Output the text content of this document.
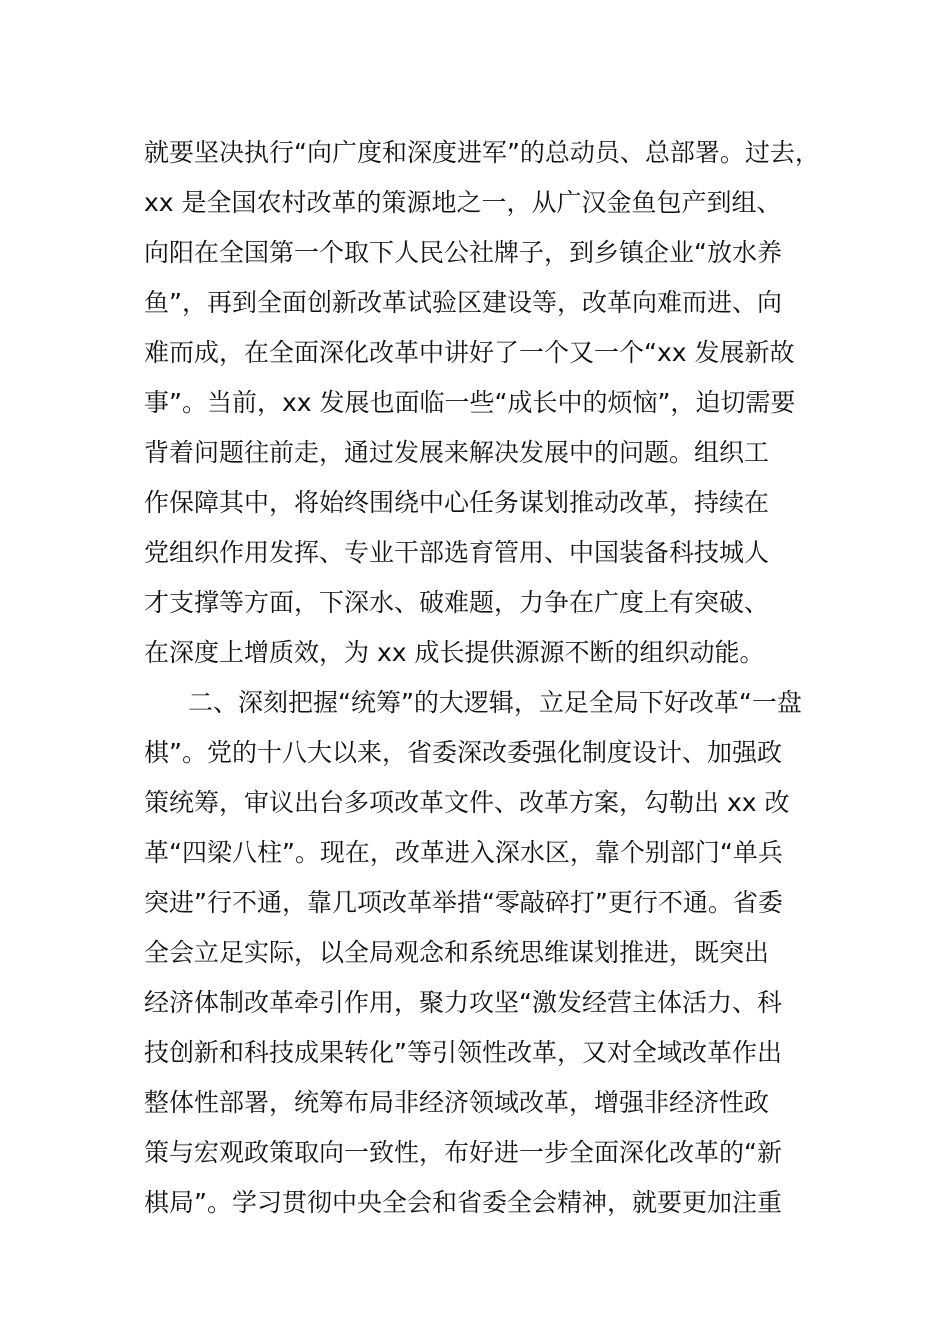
就要坚决执行“向广度和深度进军”的总动员、总部署。过去，
xx 是全国农村改革的策源地之一，从广汉金鱼包产到组、
向阳在全国第一个取下人民公社牌子，到乡镇企业“放水养
鱼”，再到全面创新改革试验区建设等，改革向难而进、向
难而成，在全面深化改革中讲好了一个又一个“xx 发展新故
事”。当前，xx 发展也面临一些“成长中的烦恼”，迫切需要
背着问题往前走，通过发展来解决发展中的问题。组织工
作保障其中，将始终围绕中心任务谋划推动改革，持续在
党组织作用发挥、专业干部选育管用、中国装备科技城人
才支撑等方面，下深水、破难题，力争在广度上有突破、
在深度上增质效，为 xx 成长提供源源不断的组织动能。
二、深刻把握“统筹”的大逻辑，立足全局下好改革“一盘
棋”。党的十八大以来，省委深改委强化制度设计、加强政
策统筹，审议出台多项改革文件、改革方案，勾勒出 xx 改
革“四梁八柱”。现在，改革进入深水区，靠个别部门“单兵
突进”行不通，靠几项改革举措“零敲碎打”更行不通。省委
全会立足实际，以全局观念和系统思维谋划推进，既突出
经济体制改革牵引作用，聚力攻坚“激发经营主体活力、科
技创新和科技成果转化”等引领性改革，又对全域改革作出
整体性部署，统筹布局非经济领域改革，增强非经济性政
策与宏观政策取向一致性，布好进一步全面深化改革的“新
棋局”。学习贯彻中央全会和省委全会精神，就要更加注重
